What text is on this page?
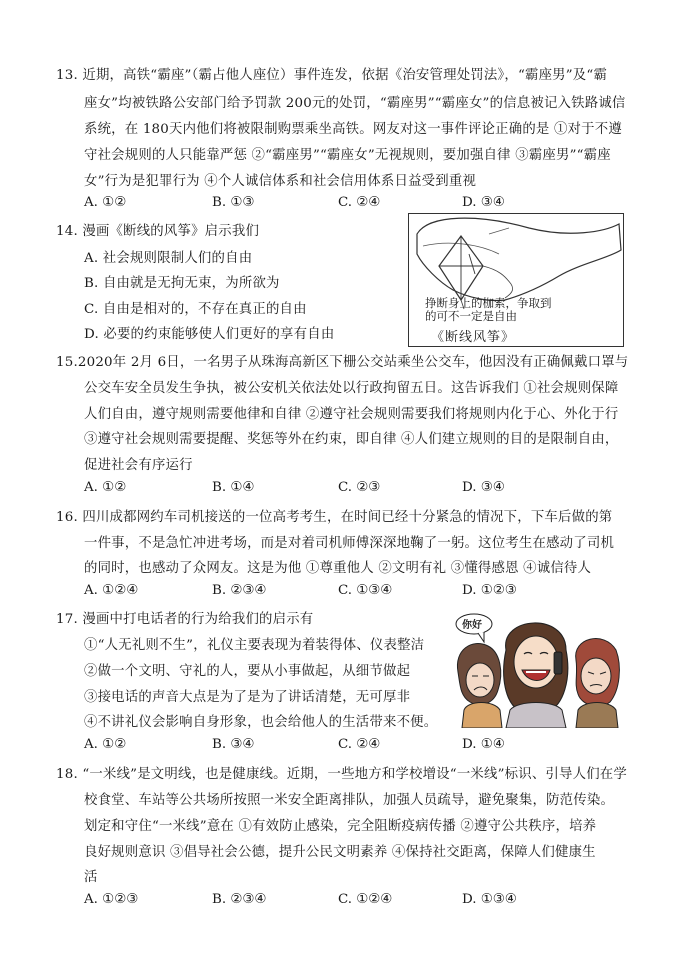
13. 近期，高铁“霸座”（霸占他人座位）事件连发，依据《治安管理处罚法》，“霸座男”及“霸
座女”均被铁路公安部门给予罚款 200元的处罚，“霸座男”“霸座女”的信息被记入铁路诚信
系统，在 180天内他们将被限制购票乘坐高铁。网友对这一事件评论正确的是 ①对于不遵
守社会规则的人只能靠严惩 ②“霸座男”“霸座女”无视规则，要加强自律 ③霸座男”“霸座
女”行为是犯罪行为 ④个人诚信体系和社会信用体系日益受到重视
A. ①②	B. ①③	C. ②④	D. ③④
14. 漫画《断线的风筝》启示我们
A. 社会规则限制人们的自由
B. 自由就是无拘无束，为所欲为
C. 自由是相对的，不存在真正的自由
D. 必要的约束能够使人们更好的享有自由
挣断身上的枷索，争取到
的可不一定是自由
《断线风筝》
15.2020年 2月 6日，一名男子从珠海高新区下栅公交站乘坐公交车，他因没有正确佩戴口罩与
公交车安全员发生争执，被公安机关依法处以行政拘留五日。这告诉我们 ①社会规则保障
人们自由，遵守规则需要他律和自律 ②遵守社会规则需要我们将规则内化于心、外化于行
③遵守社会规则需要提醒、奖惩等外在约束，即自律 ④人们建立规则的目的是限制自由，
促进社会有序运行
A. ①②	B. ①④	C. ②③	D. ③④
16. 四川成都网约车司机接送的一位高考考生，在时间已经十分紧急的情况下，下车后做的第
一件事，不是急忙冲进考场，而是对着司机师傅深深地鞠了一躬。这位考生在感动了司机
的同时，也感动了众网友。这是为他 ①尊重他人 ②文明有礼 ③懂得感恩 ④诚信待人
A. ①②④	B. ②③④	C. ①③④	D. ①②③
17. 漫画中打电话者的行为给我们的启示有
①“人无礼则不生”，礼仪主要表现为着装得体、仪表整洁
②做一个文明、守礼的人，要从小事做起，从细节做起
③接电话的声音大点是为了是为了讲话清楚，无可厚非
④不讲礼仪会影响自身形象，也会给他人的生活带来不便。
你好
A. ①②	B. ③④	C. ②④	D. ①④
18. “一米线”是文明线，也是健康线。近期，一些地方和学校增设“一米线”标识、引导人们在学
校食堂、车站等公共场所按照一米安全距离排队，加强人员疏导，避免聚集，防范传染。
划定和守住“一米线”意在 ①有效防止感染，完全阻断疫病传播 ②遵守公共秩序，培养
良好规则意识 ③倡导社会公德，提升公民文明素养 ④保持社交距离，保障人们健康生
活
A. ①②③	B. ②③④	C. ①②④	D. ①③④
